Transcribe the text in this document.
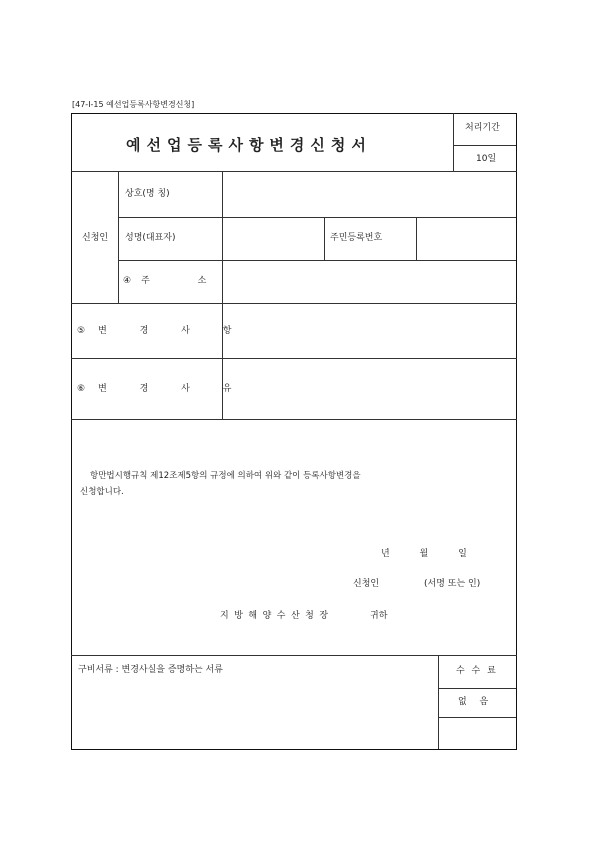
[47-Ⅰ-15 예선업등록사항변경신청]
예선업등록사항변경신청서
처리기간
10일
신청인
상호(명 칭)
성명(대표자)	주민등록번호
④주 소
⑤변 경 사 항
⑥변 경 사 유
항만법시행규칙 제12조제5항의 규정에 의하여 위와 같이 등록사항변경을
신청합니다.
년 월 일
신청인	(서명 또는 인)
지방해양수산청장	귀하
구비서류 : 변경사실을 증명하는 서류	수 수 료
없 음
